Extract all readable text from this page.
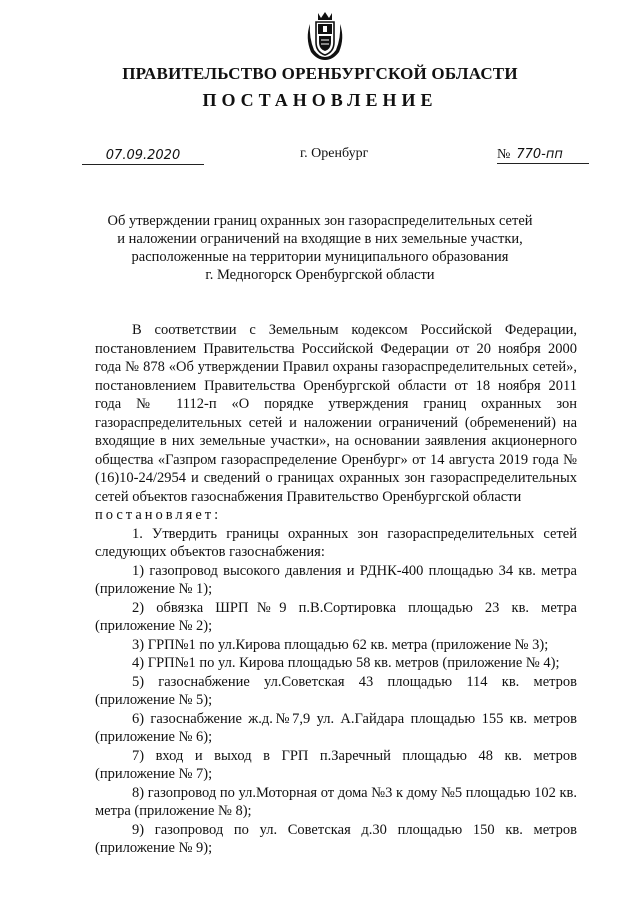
ПРАВИТЕЛЬСТВО ОРЕНБУРГСКОЙ ОБЛАСТИ
ПОСТАНОВЛЕНИЕ
07.09.2020	г. Оренбург	№ 770-пп
Об утверждении границ охранных зон газораспределительных сетей
и наложении ограничений на входящие в них земельные участки,
расположенные на территории муниципального образования
г. Медногорск Оренбургской области

В соответствии с Земельным кодексом Российской Федерации, постановлением Правительства Российской Федерации от 20 ноября 2000 года № 878 «Об утверждении Правил охраны газораспределительных сетей», постановлением Правительства Оренбургской области от 18 ноября 2011 года № 1112-п «О порядке утверждения границ охранных зон газораспределительных сетей и наложении ограничений (обременений) на входящие в них земельные участки», на основании заявления акционерного общества «Газпром газораспределение Оренбург» от 14 августа 2019 года № (16)10-24/2954 и сведений о границах охранных зон газораспределительных сетей объектов газоснабжения Правительство Оренбургской области

постановляет:

1. Утвердить границы охранных зон газораспределительных сетей следующих объектов газоснабжения:

1) газопровод высокого давления и РДНК-400 площадью 34 кв. метра (приложение № 1);

2) обвязка ШРП№9 п.В.Сортировка площадью 23 кв. метра (приложение № 2);

3) ГРП№1 по ул.Кирова площадью 62 кв. метра (приложение № 3);

4) ГРП№1 по ул. Кирова площадью 58 кв. метров (приложение № 4);

5) газоснабжение ул.Советская 43 площадью 114 кв. метров (приложение № 5);

6) газоснабжение ж.д.№7,9 ул. А.Гайдара площадью 155 кв. метров (приложение № 6);

7) вход и выход в ГРП п.Заречный площадью 48 кв. метров (приложение № 7);

8) газопровод по ул.Моторная от дома №3 к дому №5 площадью 102 кв. метра (приложение № 8);

9) газопровод по ул. Советская д.30 площадью 150 кв. метров (приложение № 9);
